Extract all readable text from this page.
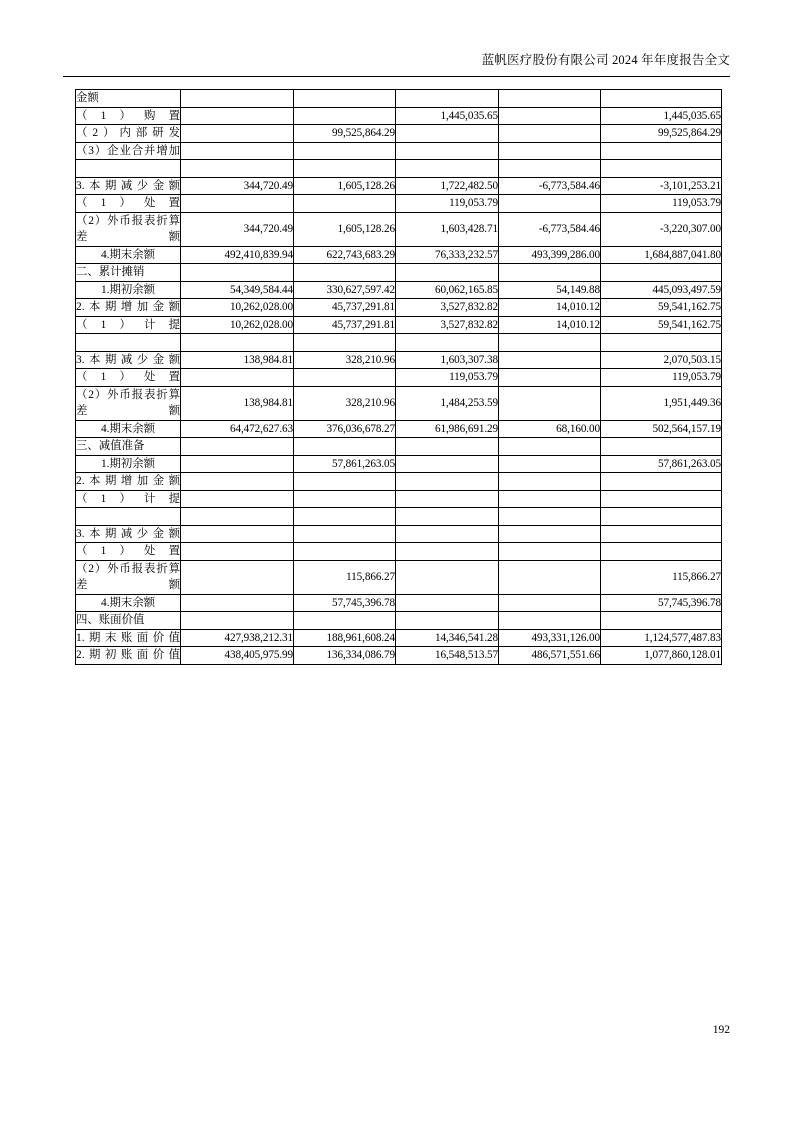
蓝帆医疗股份有限公司 2024 年年度报告全文
金额					
（1）购置			1,445,035.65		1,445,035.65
（2）内部研发		99,525,864.29			99,525,864.29
（3）企业合并增加					

3.本期减少金额	344,720.49	1,605,128.26	1,722,482.50	-6,773,584.46	-3,101,253.21
（1）处置			119,053.79		119,053.79
（2）外币报表折算差额	344,720.49	1,605,128.26	1,603,428.71	-6,773,584.46	-3,220,307.00
4.期末余额	492,410,839.94	622,743,683.29	76,333,232.57	493,399,286.00	1,684,887,041.80
二、累计摊销					
1.期初余额	54,349,584.44	330,627,597.42	60,062,165.85	54,149.88	445,093,497.59
2.本期增加金额	10,262,028.00	45,737,291.81	3,527,832.82	14,010.12	59,541,162.75
（1）计提	10,262,028.00	45,737,291.81	3,527,832.82	14,010.12	59,541,162.75

3.本期减少金额	138,984.81	328,210.96	1,603,307.38		2,070,503.15
（1）处置			119,053.79		119,053.79
（2）外币报表折算差额	138,984.81	328,210.96	1,484,253.59		1,951,449.36
4.期末余额	64,472,627.63	376,036,678.27	61,986,691.29	68,160.00	502,564,157.19
三、减值准备					
1.期初余额		57,861,263.05			57,861,263.05
2.本期增加金额					
（1）计提					

3.本期减少金额					
（1）处置					
（2）外币报表折算差额		115,866.27			115,866.27
4.期末余额		57,745,396.78			57,745,396.78
四、账面价值					
1.期末账面价值	427,938,212.31	188,961,608.24	14,346,541.28	493,331,126.00	1,124,577,487.83
2.期初账面价值	438,405,975.99	136,334,086.79	16,548,513.57	486,571,551.66	1,077,860,128.01
192
